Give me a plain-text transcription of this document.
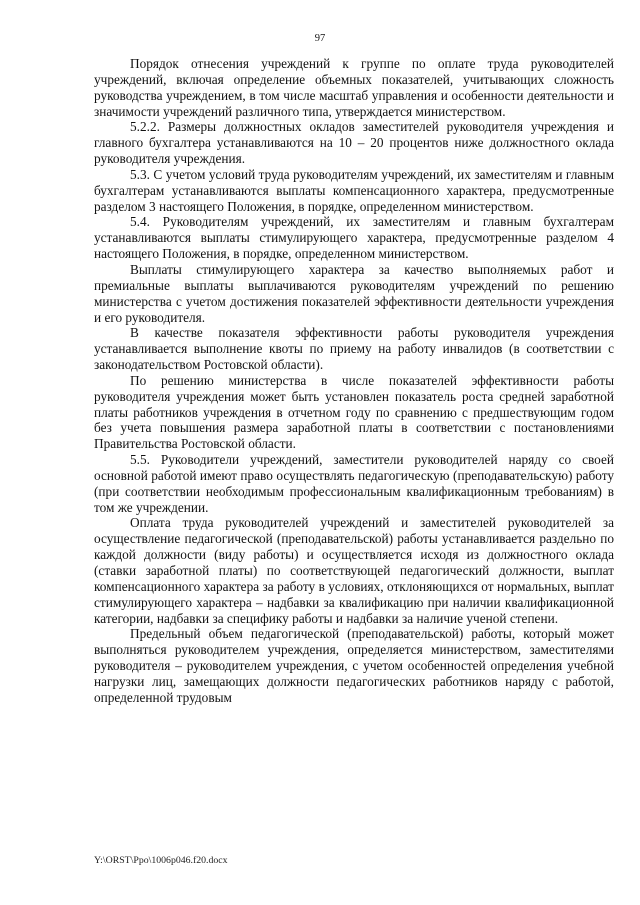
97

Порядок отнесения учреждений к группе по оплате труда руководителей учреждений, включая определение объемных показателей, учитывающих сложность руководства учреждением, в том числе масштаб управления и особенности деятельности и значимости учреждений различного типа, утверждается министерством.

5.2.2. Размеры должностных окладов заместителей руководителя учреждения и главного бухгалтера устанавливаются на 10 – 20 процентов ниже должностного оклада руководителя учреждения.

5.3. С учетом условий труда руководителям учреждений, их заместителям и главным бухгалтерам устанавливаются выплаты компенсационного характера, предусмотренные разделом 3 настоящего Положения, в порядке, определенном министерством.

5.4. Руководителям учреждений, их заместителям и главным бухгалтерам устанавливаются выплаты стимулирующего характера, предусмотренные разделом 4 настоящего Положения, в порядке, определенном министерством.

Выплаты стимулирующего характера за качество выполняемых работ и премиальные выплаты выплачиваются руководителям учреждений по решению министерства с учетом достижения показателей эффективности деятельности учреждения и его руководителя.

В качестве показателя эффективности работы руководителя учреждения устанавливается выполнение квоты по приему на работу инвалидов (в соответствии с законодательством Ростовской области).

По решению министерства в числе показателей эффективности работы руководителя учреждения может быть установлен показатель роста средней заработной платы работников учреждения в отчетном году по сравнению с предшествующим годом без учета повышения размера заработной платы в соответствии с постановлениями Правительства Ростовской области.

5.5. Руководители учреждений, заместители руководителей наряду со своей основной работой имеют право осуществлять педагогическую (преподавательскую) работу (при соответствии необходимым профессиональным квалификационным требованиям) в том же учреждении.

Оплата труда руководителей учреждений и заместителей руководителей за осуществление педагогической (преподавательской) работы устанавливается раздельно по каждой должности (виду работы) и осуществляется исходя из должностного оклада (ставки заработной платы) по соответствующей педагогический должности, выплат компенсационного характера за работу в условиях, отклоняющихся от нормальных, выплат стимулирующего характера – надбавки за квалификацию при наличии квалификационной категории, надбавки за специфику работы и надбавки за наличие ученой степени.

Предельный объем педагогической (преподавательской) работы, который может выполняться руководителем учреждения, определяется министерством, заместителями руководителя – руководителем учреждения, с учетом особенностей определения учебной нагрузки лиц, замещающих должности педагогических работников наряду с работой, определенной трудовым

Y:\ORST\Ppo\1006p046.f20.docx
